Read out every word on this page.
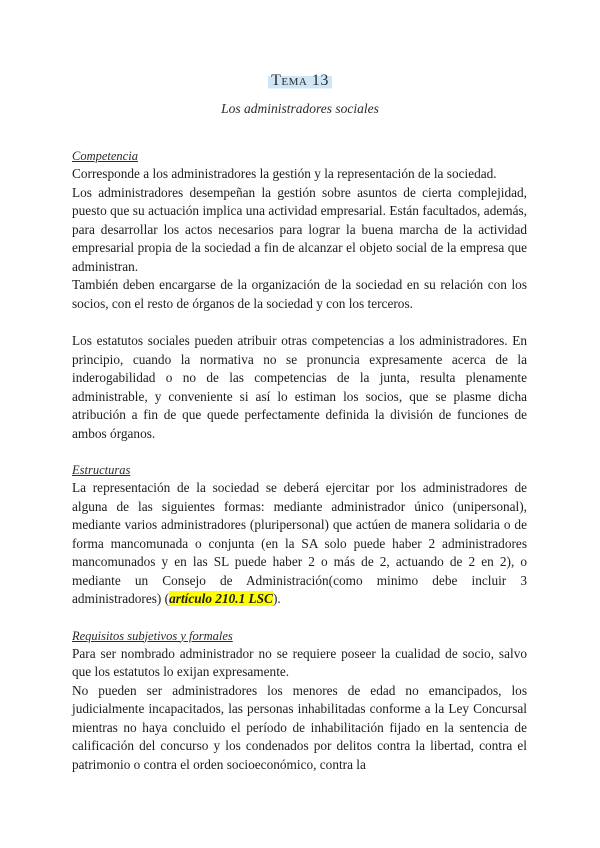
Tema 13
Los administradores sociales
Competencia

Corresponde a los administradores la gestión y la representación de la sociedad.

Los administradores desempeñan la gestión sobre asuntos de cierta complejidad, puesto que su actuación implica una actividad empresarial. Están facultados, además, para desarrollar los actos necesarios para lograr la buena marcha de la actividad empresarial propia de la sociedad a fin de alcanzar el objeto social de la empresa que administran.

También deben encargarse de la organización de la sociedad en su relación con los socios, con el resto de órganos de la sociedad y con los terceros.

Los estatutos sociales pueden atribuir otras competencias a los administradores. En principio, cuando la normativa no se pronuncia expresamente acerca de la inderogabilidad o no de las competencias de la junta, resulta plenamente administrable, y conveniente si así lo estiman los socios, que se plasme dicha atribución a fin de que quede perfectamente definida la división de funciones de ambos órganos.

Estructuras

La representación de la sociedad se deberá ejercitar por los administradores de alguna de las siguientes formas: mediante administrador único (unipersonal), mediante varios administradores (pluripersonal) que actúen de manera solidaria o de forma mancomunada o conjunta (en la SA solo puede haber 2 administradores mancomunados y en las SL puede haber 2 o más de 2, actuando de 2 en 2), o mediante un Consejo de Administración(como minimo debe incluir 3 administradores) (artículo 210.1 LSC).

Requisitos subjetivos y formales

Para ser nombrado administrador no se requiere poseer la cualidad de socio, salvo que los estatutos lo exijan expresamente.

No pueden ser administradores los menores de edad no emancipados, los judicialmente incapacitados, las personas inhabilitadas conforme a la Ley Concursal mientras no haya concluido el período de inhabilitación fijado en la sentencia de calificación del concurso y los condenados por delitos contra la libertad, contra el patrimonio o contra el orden socioeconómico, contra la
